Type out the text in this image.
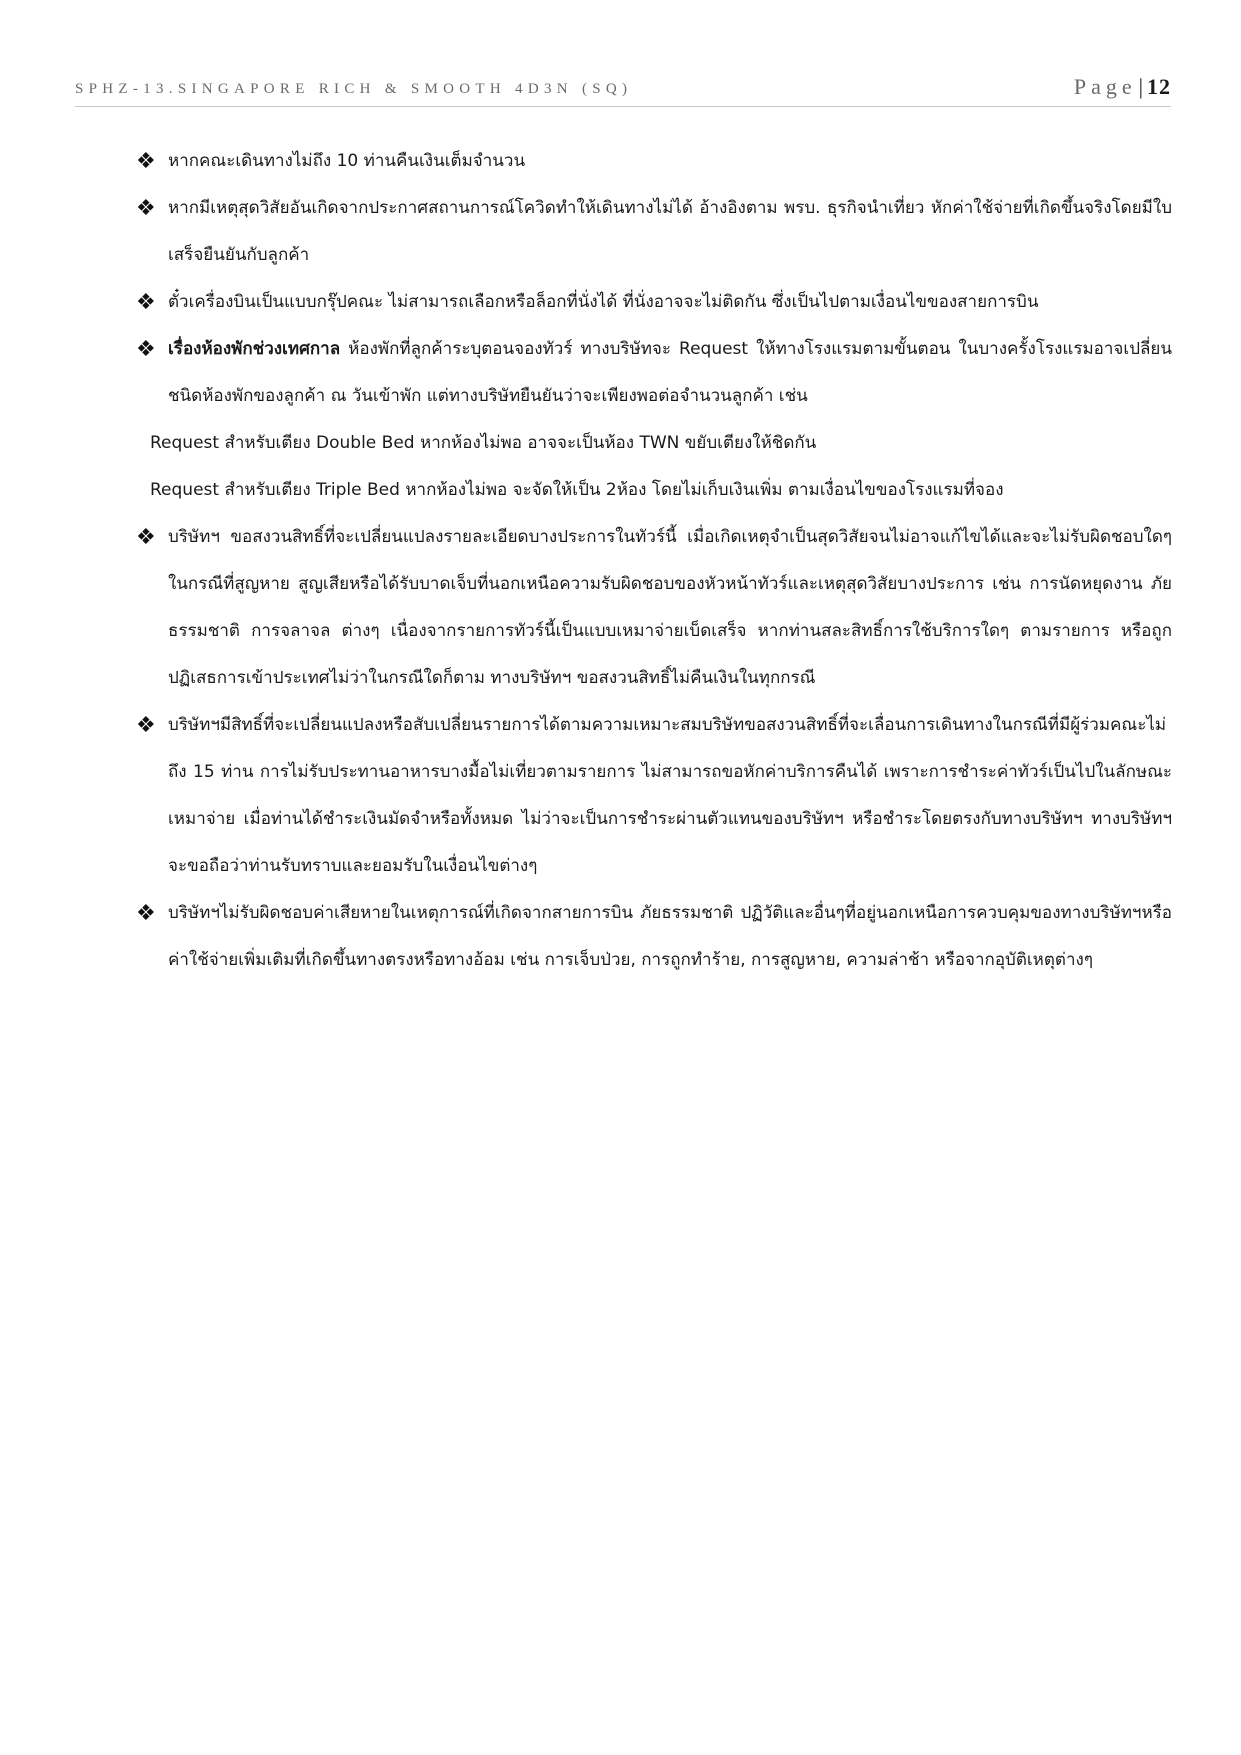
SPHZ-13.SINGAPORE RICH & SMOOTH 4D3N (SQ)	Page| 12
❖ หากคณะเดินทางไม่ถึง 10 ท่านคืนเงินเต็มจำนวน
❖ หากมีเหตุสุดวิสัยอันเกิดจากประกาศสถานการณ์โควิดทำให้เดินทางไม่ได้ อ้างอิงตาม พรบ. ธุรกิจนำเที่ยว หักค่าใช้จ่ายที่เกิดขึ้นจริงโดยมีใบเสร็จยืนยันกับลูกค้า
❖ ตั๋วเครื่องบินเป็นแบบกรุ๊ปคณะ ไม่สามารถเลือกหรือล็อกที่นั่งได้ ที่นั่งอาจจะไม่ติดกัน ซึ่งเป็นไปตามเงื่อนไขของสายการบิน
❖ เรื่องห้องพักช่วงเทศกาล ห้องพักที่ลูกค้าระบุตอนจองทัวร์ ทางบริษัทจะ Request ให้ทางโรงแรมตามขั้นตอน ในบางครั้งโรงแรมอาจเปลี่ยนชนิดห้องพักของลูกค้า ณ วันเข้าพัก แต่ทางบริษัทยืนยันว่าจะเพียงพอต่อจำนวนลูกค้า เช่น
Request สำหรับเตียง Double Bed หากห้องไม่พอ อาจจะเป็นห้อง TWN ขยับเตียงให้ชิดกัน
Request สำหรับเตียง Triple Bed หากห้องไม่พอ จะจัดให้เป็น 2ห้อง โดยไม่เก็บเงินเพิ่ม ตามเงื่อนไขของโรงแรมที่จอง
❖ บริษัทฯ ขอสงวนสิทธิ์ที่จะเปลี่ยนแปลงรายละเอียดบางประการในทัวร์นี้ เมื่อเกิดเหตุจำเป็นสุดวิสัยจนไม่อาจแก้ไขได้และจะไม่รับผิดชอบใดๆ ในกรณีที่สูญหาย สูญเสียหรือได้รับบาดเจ็บที่นอกเหนือความรับผิดชอบของหัวหน้าทัวร์และเหตุสุดวิสัยบางประการ เช่น การนัดหยุดงาน ภัยธรรมชาติ การจลาจล ต่างๆ เนื่องจากรายการทัวร์นี้เป็นแบบเหมาจ่ายเบ็ดเสร็จ หากท่านสละสิทธิ์การใช้บริการใดๆ ตามรายการ หรือถูกปฏิเสธการเข้าประเทศไม่ว่าในกรณีใดก็ตาม ทางบริษัทฯ ขอสงวนสิทธิ์ไม่คืนเงินในทุกกรณี
❖ บริษัทฯมีสิทธิ์ที่จะเปลี่ยนแปลงหรือสับเปลี่ยนรายการได้ตามความเหมาะสมบริษัทขอสงวนสิทธิ์ที่จะเลื่อนการเดินทางในกรณีที่มีผู้ร่วมคณะไม่ถึง 15 ท่าน การไม่รับประทานอาหารบางมื้อไม่เที่ยวตามรายการ ไม่สามารถขอหักค่าบริการคืนได้ เพราะการชำระค่าทัวร์เป็นไปในลักษณะเหมาจ่าย เมื่อท่านได้ชำระเงินมัดจำหรือทั้งหมด ไม่ว่าจะเป็นการชำระผ่านตัวแทนของบริษัทฯ หรือชำระโดยตรงกับทางบริษัทฯ ทางบริษัทฯ จะขอถือว่าท่านรับทราบและยอมรับในเงื่อนไขต่างๆ
❖ บริษัทฯไม่รับผิดชอบค่าเสียหายในเหตุการณ์ที่เกิดจากสายการบิน ภัยธรรมชาติ ปฏิวัติและอื่นๆที่อยู่นอกเหนือการควบคุมของทางบริษัทฯหรือค่าใช้จ่ายเพิ่มเติมที่เกิดขึ้นทางตรงหรือทางอ้อม เช่น การเจ็บป่วย, การถูกทำร้าย, การสูญหาย, ความล่าช้า หรือจากอุบัติเหตุต่างๆ
